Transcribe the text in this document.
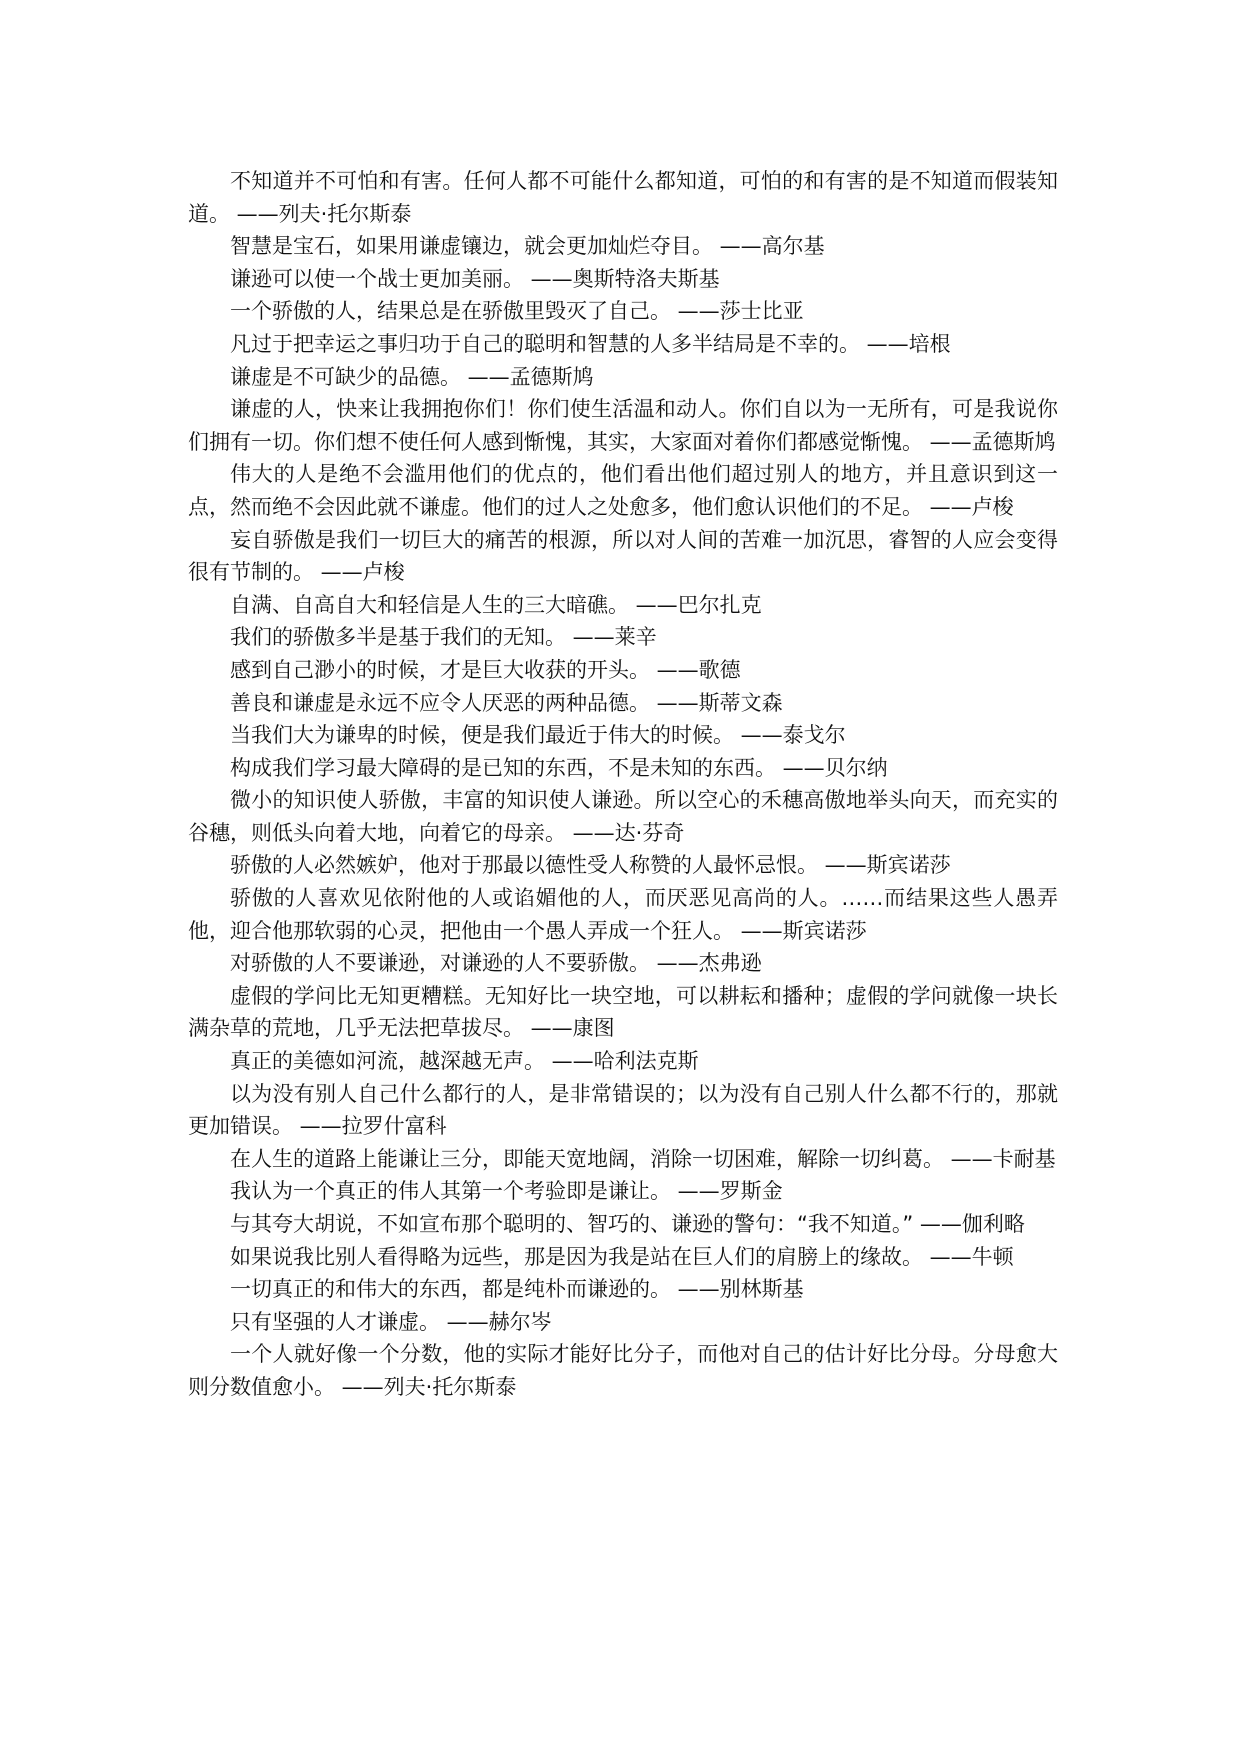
不知道并不可怕和有害。任何人都不可能什么都知道，可怕的和有害的是不知道而假装知道。 ——列夫·托尔斯泰

智慧是宝石，如果用谦虚镶边，就会更加灿烂夺目。 ——高尔基

谦逊可以使一个战士更加美丽。 ——奥斯特洛夫斯基

一个骄傲的人，结果总是在骄傲里毁灭了自己。 ——莎士比亚

凡过于把幸运之事归功于自己的聪明和智慧的人多半结局是不幸的。 ——培根

谦虚是不可缺少的品德。 ——孟德斯鸠

谦虚的人，快来让我拥抱你们！你们使生活温和动人。你们自以为一无所有，可是我说你们拥有一切。你们想不使任何人感到惭愧，其实，大家面对着你们都感觉惭愧。 ——孟德斯鸠

伟大的人是绝不会滥用他们的优点的，他们看出他们超过别人的地方，并且意识到这一点，然而绝不会因此就不谦虚。他们的过人之处愈多，他们愈认识他们的不足。 ——卢梭

妄自骄傲是我们一切巨大的痛苦的根源，所以对人间的苦难一加沉思，睿智的人应会变得很有节制的。 ——卢梭

自满、自高自大和轻信是人生的三大暗礁。 ——巴尔扎克

我们的骄傲多半是基于我们的无知。 ——莱辛

感到自己渺小的时候，才是巨大收获的开头。 ——歌德

善良和谦虚是永远不应令人厌恶的两种品德。 ——斯蒂文森

当我们大为谦卑的时候，便是我们最近于伟大的时候。 ——泰戈尔

构成我们学习最大障碍的是已知的东西，不是未知的东西。 ——贝尔纳

微小的知识使人骄傲，丰富的知识使人谦逊。所以空心的禾穗高傲地举头向天，而充实的谷穗，则低头向着大地，向着它的母亲。 ——达·芬奇

骄傲的人必然嫉妒，他对于那最以德性受人称赞的人最怀忌恨。 ——斯宾诺莎

骄傲的人喜欢见依附他的人或谄媚他的人，而厌恶见高尚的人。……而结果这些人愚弄他，迎合他那软弱的心灵，把他由一个愚人弄成一个狂人。 ——斯宾诺莎

对骄傲的人不要谦逊，对谦逊的人不要骄傲。 ——杰弗逊

虚假的学问比无知更糟糕。无知好比一块空地，可以耕耘和播种；虚假的学问就像一块长满杂草的荒地，几乎无法把草拔尽。 ——康图

真正的美德如河流，越深越无声。 ——哈利法克斯

以为没有别人自己什么都行的人，是非常错误的；以为没有自己别人什么都不行的，那就更加错误。 ——拉罗什富科

在人生的道路上能谦让三分，即能天宽地阔，消除一切困难，解除一切纠葛。 ——卡耐基

我认为一个真正的伟人其第一个考验即是谦让。 ——罗斯金

与其夸大胡说，不如宣布那个聪明的、智巧的、谦逊的警句：“我不知道。” ——伽利略

如果说我比别人看得略为远些，那是因为我是站在巨人们的肩膀上的缘故。 ——牛顿

一切真正的和伟大的东西，都是纯朴而谦逊的。 ——别林斯基

只有坚强的人才谦虚。 ——赫尔岑

一个人就好像一个分数，他的实际才能好比分子，而他对自己的估计好比分母。分母愈大则分数值愈小。 ——列夫·托尔斯泰
